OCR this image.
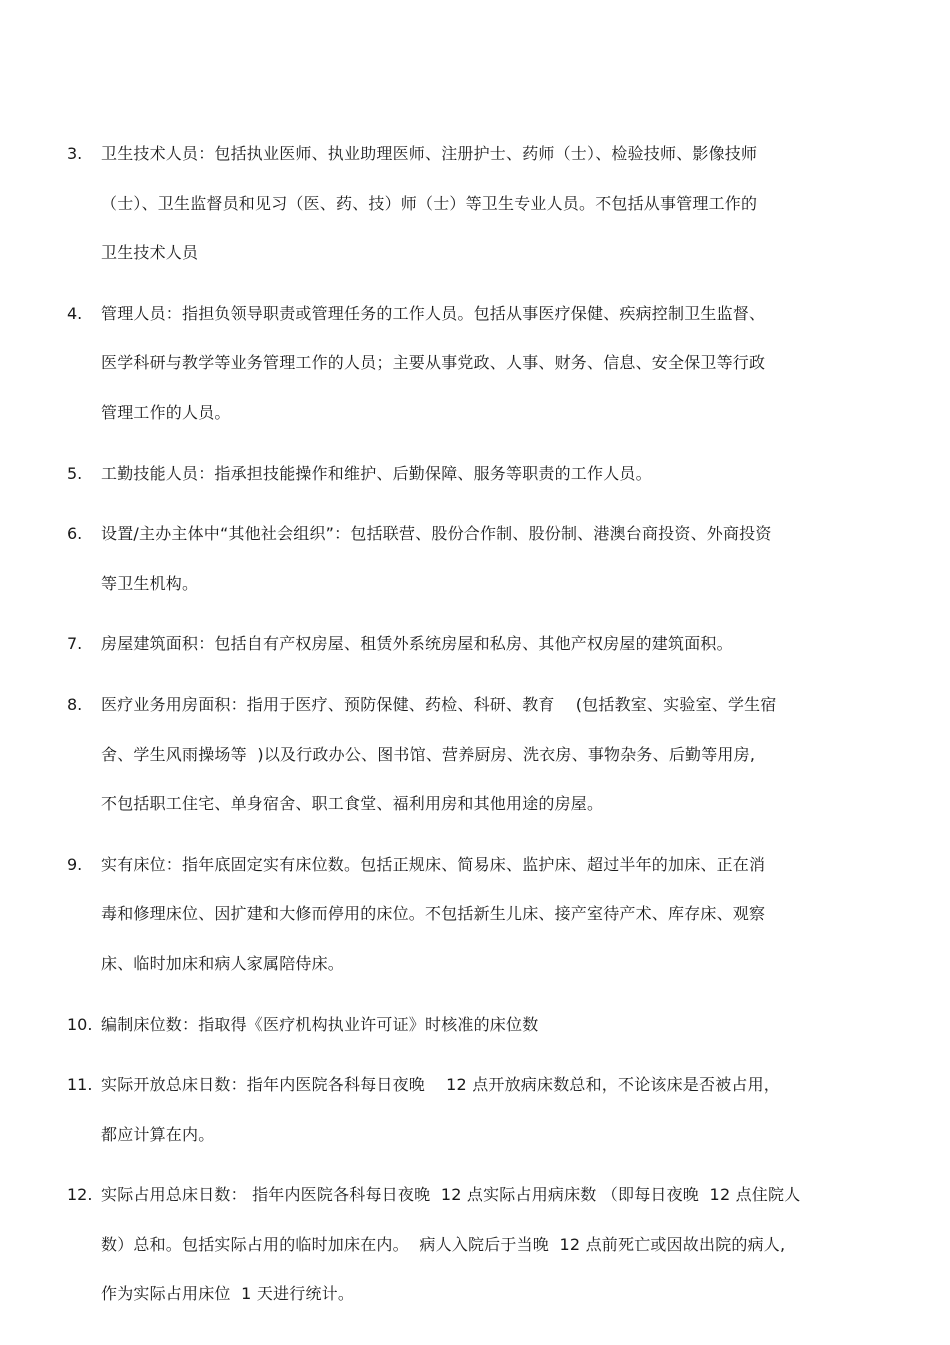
3.	卫生技术人员：包括执业医师、执业助理医师、注册护士、药师（士）、检验技师、影像技师
（士）、卫生监督员和见习（医、药、技）师（士）等卫生专业人员。不包括从事管理工作的
卫生技术人员
4.	管理人员：指担负领导职责或管理任务的工作人员。包括从事医疗保健、疾病控制卫生监督、
医学科研与教学等业务管理工作的人员；主要从事党政、人事、财务、信息、安全保卫等行政
管理工作的人员。
5.	工勤技能人员：指承担技能操作和维护、后勤保障、服务等职责的工作人员。
6.	设置/主办主体中“其他社会组织”：包括联营、股份合作制、股份制、港澳台商投资、外商投资
等卫生机构。
7.	房屋建筑面积：包括自有产权房屋、租赁外系统房屋和私房、其他产权房屋的建筑面积。
8.	医疗业务用房面积：指用于医疗、预防保健、药检、科研、教育    (包括教室、实验室、学生宿
舍、学生风雨操场等  )以及行政办公、图书馆、营养厨房、洗衣房、事物杂务、后勤等用房,
不包括职工住宅、单身宿舍、职工食堂、福利用房和其他用途的房屋。
9.	实有床位：指年底固定实有床位数。包括正规床、简易床、监护床、超过半年的加床、正在消
毒和修理床位、因扩建和大修而停用的床位。不包括新生儿床、接产室待产术、库存床、观察
床、临时加床和病人家属陪侍床。
10. 编制床位数：指取得《医疗机构执业许可证》时核准的床位数
11. 实际开放总床日数：指年内医院各科每日夜晚    12 点开放病床数总和，不论该床是否被占用，
都应计算在内。
12. 实际占用总床日数： 指年内医院各科每日夜晚  12 点实际占用病床数 （即每日夜晚  12 点住院人
数）总和。包括实际占用的临时加床在内。  病人入院后于当晚  12 点前死亡或因故出院的病人,
作为实际占用床位  1 天进行统计。
